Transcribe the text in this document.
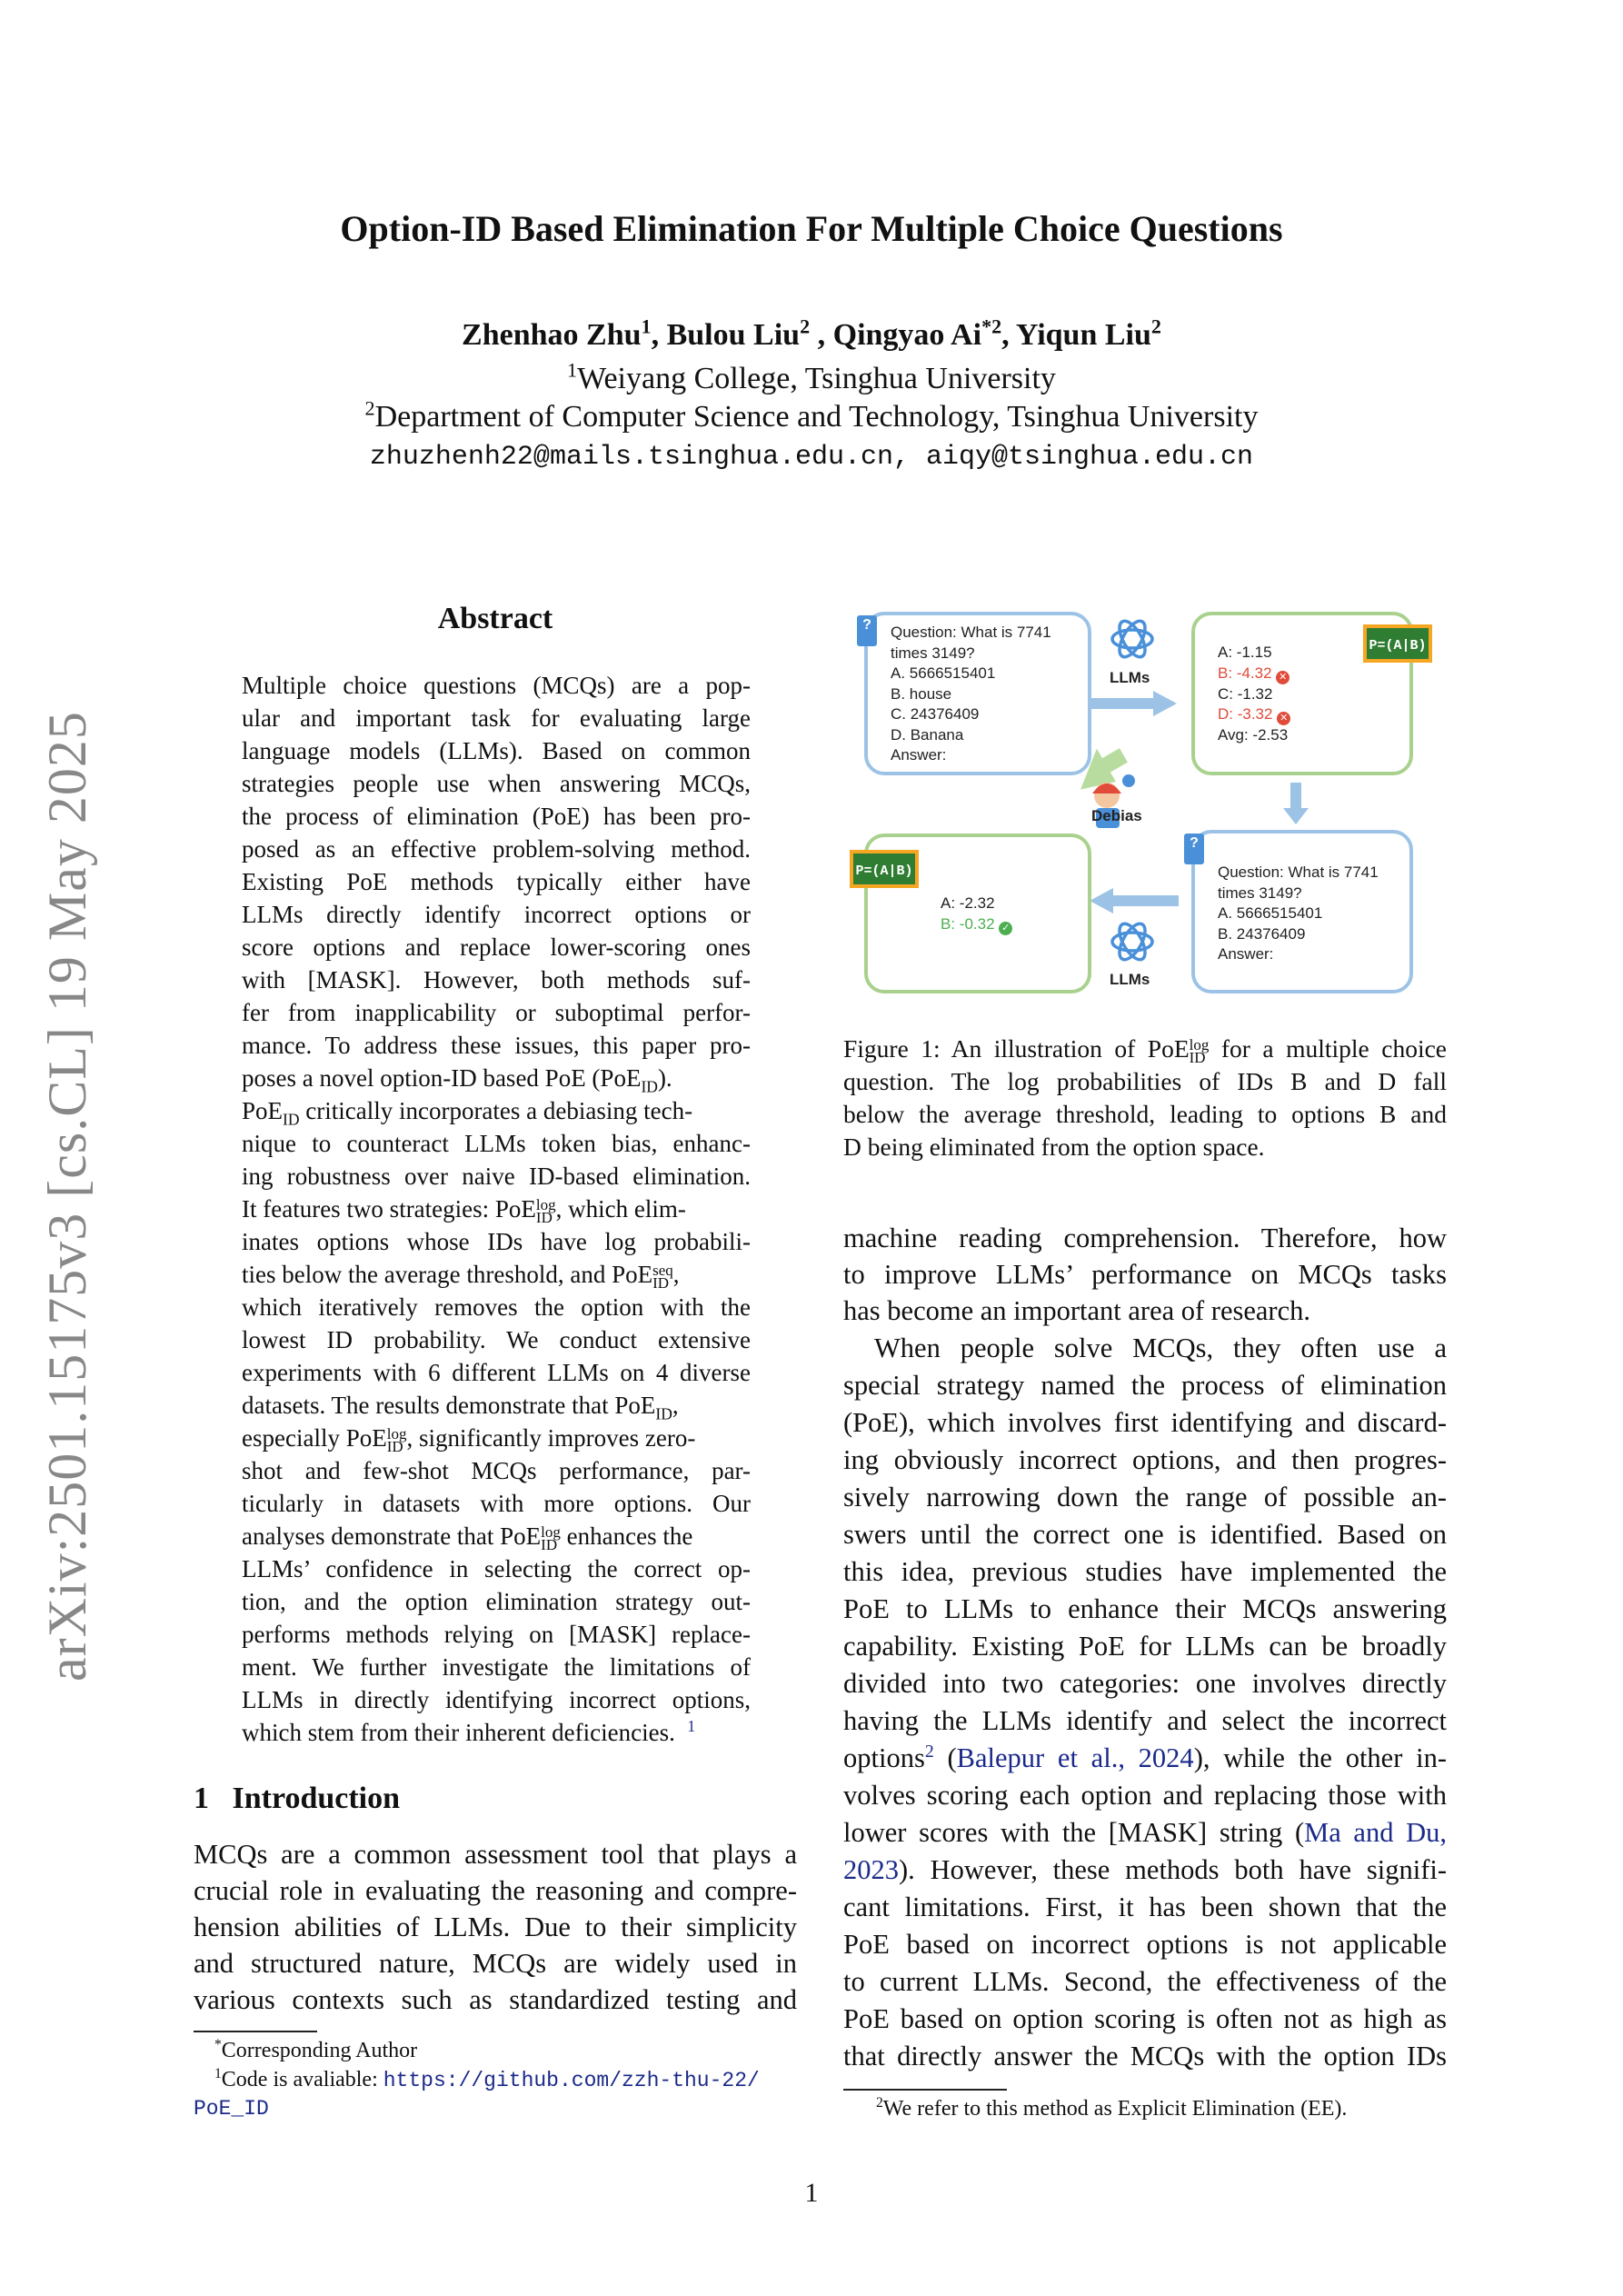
Option-ID Based Elimination For Multiple Choice Questions
Zhenhao Zhu$^1$, Bulou Liu$^2$ , Qingyao Ai$^{*2}$, Yiqun Liu$^2$
$^1$Weiyang College, Tsinghua University
$^2$Department of Computer Science and Technology, Tsinghua University
zhuzhenh22@mails.tsinghua.edu.cn, aiqy@tsinghua.edu.cn
arXiv:2501.15175v3 [cs.CL] 19 May 2025
Abstract
Multiple choice questions (MCQs) are a pop-
ular and important task for evaluating large
language models (LLMs). Based on common
strategies people use when answering MCQs,
the process of elimination (PoE) has been pro-
posed as an effective problem-solving method.
Existing PoE methods typically either have
LLMs directly identify incorrect options or
score options and replace lower-scoring ones
with [MASK]. However, both methods suf-
fer from inapplicability or suboptimal perfor-
mance. To address these issues, this paper pro-
poses a novel option-ID based PoE (PoE$_{ID}$).
PoE$_{ID}$ critically incorporates a debiasing tech-
nique to counteract LLMs token bias, enhanc-
ing robustness over naive ID-based elimination.
It features two strategies: PoE log
ID , which elim-
inates options whose IDs have log probabili-
ties below the average threshold, and PoE seq
ID ,
which iteratively removes the option with the
lowest ID probability. We conduct extensive
experiments with 6 different LLMs on 4 diverse
datasets. The results demonstrate that PoE$_{ID}$,
especially PoE log
ID , significantly improves zero-
shot and few-shot MCQs performance, par-
ticularly in datasets with more options. Our
analyses demonstrate that PoE log
ID enhances the
LLMs’ confidence in selecting the correct op-
tion, and the option elimination strategy out-
performs methods relying on [MASK] replace-
ment. We further investigate the limitations of
LLMs in directly identifying incorrect options,
which stem from their inherent deficiencies. $^1$
1 Introduction
MCQs are a common assessment tool that plays a
crucial role in evaluating the reasoning and compre-
hension abilities of LLMs. Due to their simplicity
and structured nature, MCQs are widely used in
various contexts such as standardized testing and
*Corresponding Author
$^1$Code is avaliable: https://github.com/zzh-thu-22/
PoE_ID
?	Question: What is 7741
times 3149?
A. 5666515401
B. house
C. 24376409
D. Banana
Answer:
LLMs
A: -1.15
B: -4.32 ✕
C: -1.32
D: -3.32 ✕
Avg: -2.53
P=(A|B)
Debias
?
Question: What is 7741
times 3149?
A. 5666515401
B. 24376409
Answer:
LLMs
P=(A|B)
A: -2.32
B: -0.32 ✓
Figure 1: An illustration of PoE log
ID for a multiple choice
question. The log probabilities of IDs B and D fall
below the average threshold, leading to options B and
D being eliminated from the option space.
machine reading comprehension. Therefore, how
to improve LLMs’ performance on MCQs tasks
has become an important area of research.
When people solve MCQs, they often use a
special strategy named the process of elimination
(PoE), which involves first identifying and discard-
ing obviously incorrect options, and then progres-
sively narrowing down the range of possible an-
swers until the correct one is identified. Based on
this idea, previous studies have implemented the
PoE to LLMs to enhance their MCQs answering
capability. Existing PoE for LLMs can be broadly
divided into two categories: one involves directly
having the LLMs identify and select the incorrect
options$^2$ (Balepur et al., 2024), while the other in-
volves scoring each option and replacing those with
lower scores with the [MASK] string (Ma and Du,
2023). However, these methods both have signifi-
cant limitations. First, it has been shown that the
PoE based on incorrect options is not applicable
to current LLMs. Second, the effectiveness of the
PoE based on option scoring is often not as high as
that directly answer the MCQs with the option IDs
$^2$We refer to this method as Explicit Elimination (EE).
1
